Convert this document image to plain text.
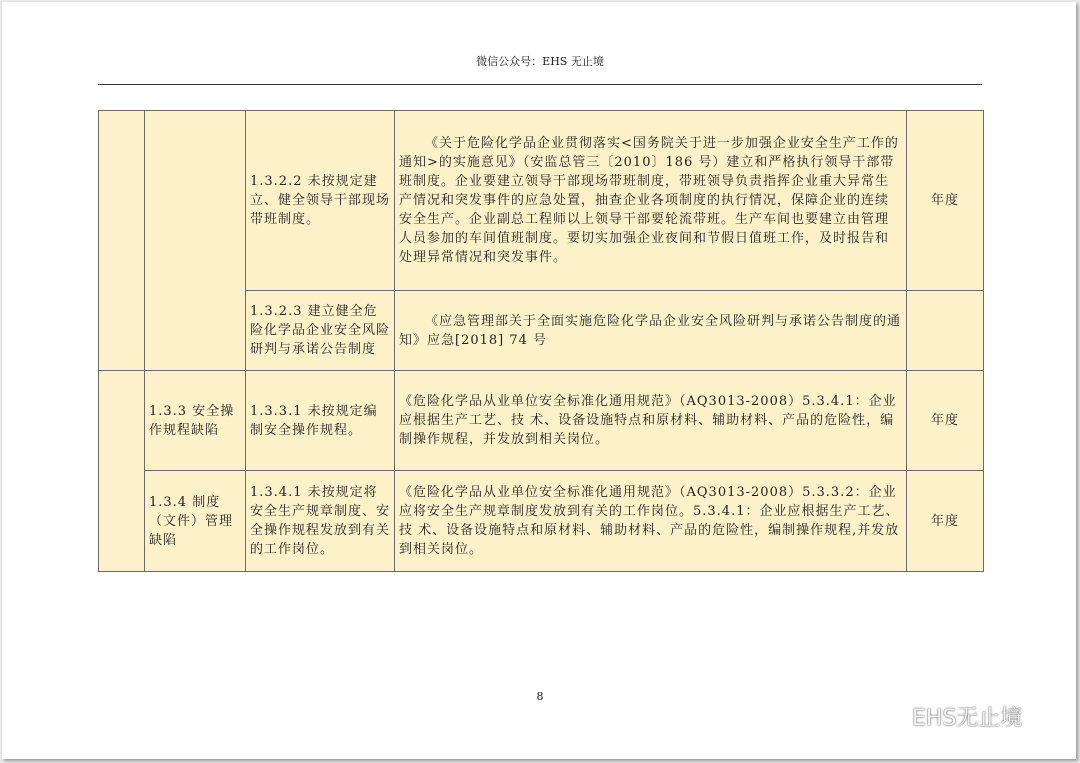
微信公众号：EHS 无止境
		1.3.2.2 未按规定建立、健全领导干部现场带班制度。	《关于危险化学品企业贯彻落实<国务院关于进一步加强企业安全生产工作的通知>的实施意见》（安监总管三〔2010〕186 号）建立和严格执行领导干部带班制度。企业要建立领导干部现场带班制度，带班领导负责指挥企业重大异常生产情况和突发事件的应急处置，抽查企业各项制度的执行情况，保障企业的连续安全生产。企业副总工程师以上领导干部要轮流带班。生产车间也要建立由管理人员参加的车间值班制度。要切实加强企业夜间和节假日值班工作，及时报告和处理异常情况和突发事件。	年度
		1.3.2.3 建立健全危险化学品企业安全风险研判与承诺公告制度	《应急管理部关于全面实施危险化学品企业安全风险研判与承诺公告制度的通知》应急[2018] 74 号	
	1.3.3 安全操作规程缺陷	1.3.3.1 未按规定编制安全操作规程。	《危险化学品从业单位安全标准化通用规范》（AQ3013-2008）5.3.4.1：企业应根据生产工艺、技 术、设备设施特点和原材料、辅助材料、产品的危险性，编制操作规程，并发放到相关岗位。	年度
	1.3.4 制度（文件）管理缺陷	1.3.4.1 未按规定将安全生产规章制度、安全操作规程发放到有关的工作岗位。	《危险化学品从业单位安全标准化通用规范》（AQ3013-2008）5.3.3.2：企业应将安全生产规章制度发放到有关的工作岗位。5.3.4.1：企业应根据生产工艺、技 术、设备设施特点和原材料、辅助材料、产品的危险性，编制操作规程,并发放到相关岗位。	年度
8
EHS无止境
